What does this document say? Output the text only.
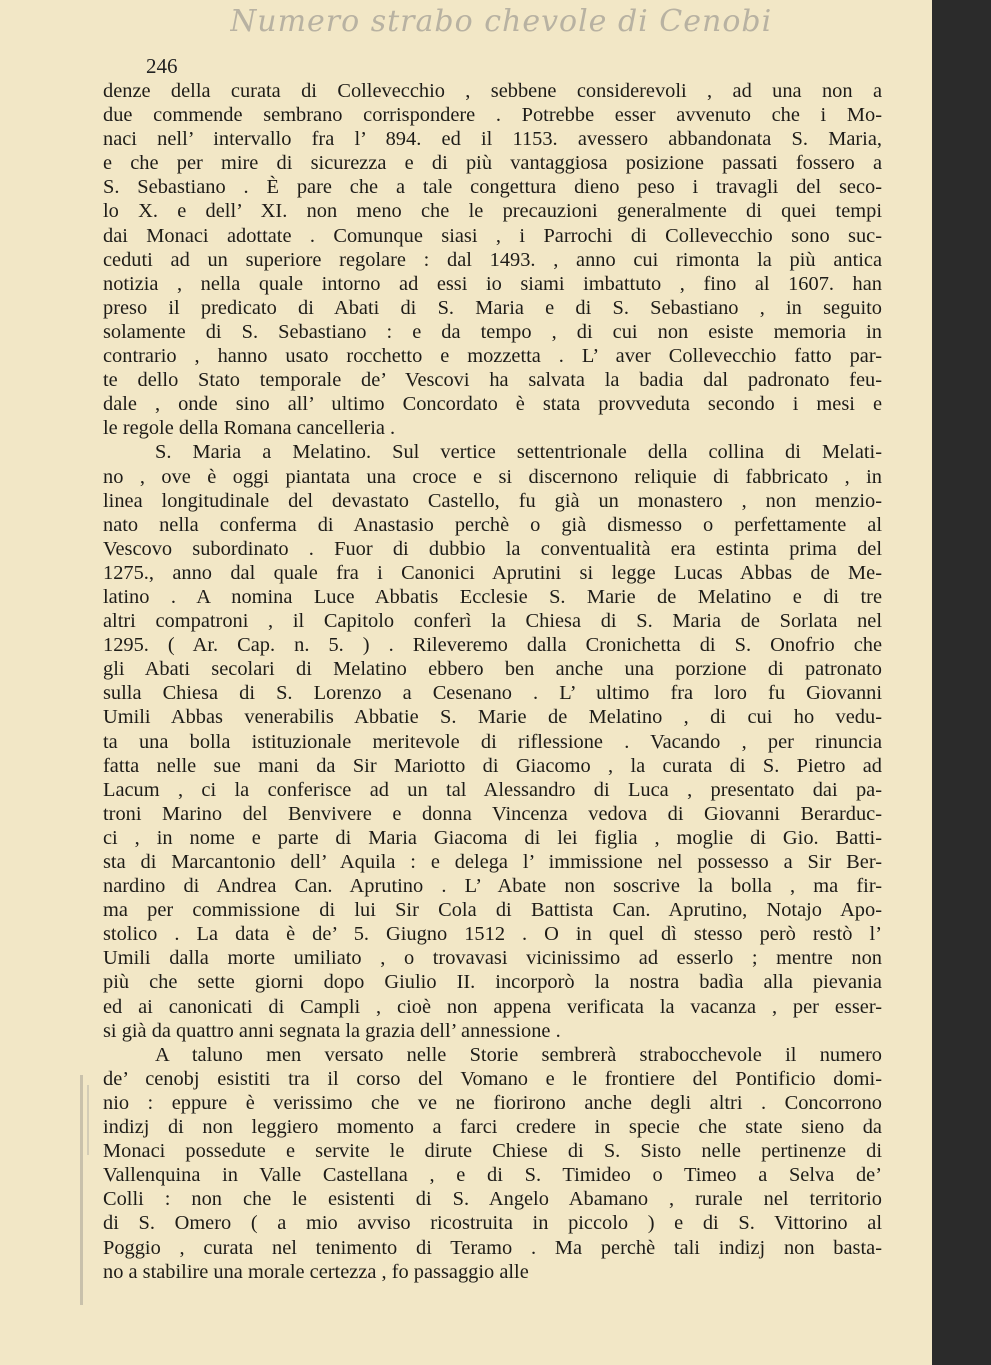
Numero strabo chevole di Cenobi
246
denze della curata di Collevecchio , sebbene considerevoli , ad una non a
due commende sembrano corrispondere . Potrebbe esser avvenuto che i Mo-
naci nell’ intervallo fra l’ 894. ed il 1153. avessero abbandonata S. Maria,
e che per mire di sicurezza e di più vantaggiosa posizione passati fossero a
S. Sebastiano . È pare che a tale congettura dieno peso i travagli del seco-
lo X. e dell’ XI. non meno che le precauzioni generalmente di quei tempi
dai Monaci adottate . Comunque siasi , i Parrochi di Collevecchio sono suc-
ceduti ad un superiore regolare : dal 1493. , anno cui rimonta la più antica
notizia , nella quale intorno ad essi io siami imbattuto , fino al 1607. han
preso il predicato di Abati di S. Maria e di S. Sebastiano , in seguito
solamente di S. Sebastiano : e da tempo , di cui non esiste memoria in
contrario , hanno usato rocchetto e mozzetta . L’ aver Collevecchio fatto par-
te dello Stato temporale de’ Vescovi ha salvata la badia dal padronato feu-
dale , onde sino all’ ultimo Concordato è stata provveduta secondo i mesi e
le regole della Romana cancelleria .
S. Maria a Melatino. Sul vertice settentrionale della collina di Melati-
no , ove è oggi piantata una croce e si discernono reliquie di fabbricato , in
linea longitudinale del devastato Castello, fu già un monastero , non menzio-
nato nella conferma di Anastasio perchè o già dismesso o perfettamente al
Vescovo subordinato . Fuor di dubbio la conventualità era estinta prima del
1275., anno dal quale fra i Canonici Aprutini si legge Lucas Abbas de Me-
latino . A nomina Luce Abbatis Ecclesie S. Marie de Melatino e di tre
altri compatroni , il Capitolo conferì la Chiesa di S. Maria de Sorlata nel
1295. ( Ar. Cap. n. 5. ) . Rileveremo dalla Cronichetta di S. Onofrio che
gli Abati secolari di Melatino ebbero ben anche una porzione di patronato
sulla Chiesa di S. Lorenzo a Cesenano . L’ ultimo fra loro fu Giovanni
Umili Abbas venerabilis Abbatie S. Marie de Melatino , di cui ho vedu-
ta una bolla istituzionale meritevole di riflessione . Vacando , per rinuncia
fatta nelle sue mani da Sir Mariotto di Giacomo , la curata di S. Pietro ad
Lacum , ci la conferisce ad un tal Alessandro di Luca , presentato dai pa-
troni Marino del Benvivere e donna Vincenza vedova di Giovanni Berarduc-
ci , in nome e parte di Maria Giacoma di lei figlia , moglie di Gio. Batti-
sta di Marcantonio dell’ Aquila : e delega l’ immissione nel possesso a Sir Ber-
nardino di Andrea Can. Aprutino . L’ Abate non soscrive la bolla , ma fir-
ma per commissione di lui Sir Cola di Battista Can. Aprutino, Notajo Apo-
stolico . La data è de’ 5. Giugno 1512 . O in quel dì stesso però restò l’
Umili dalla morte umiliato , o trovavasi vicinissimo ad esserlo ; mentre non
più che sette giorni dopo Giulio II. incorporò la nostra badìa alla pievania
ed ai canonicati di Campli , cioè non appena verificata la vacanza , per esser-
si già da quattro anni segnata la grazia dell’ annessione .
A taluno men versato nelle Storie sembrerà strabocchevole il numero
de’ cenobj esistiti tra il corso del Vomano e le frontiere del Pontificio domi-
nio : eppure è verissimo che ve ne fiorirono anche degli altri . Concorrono
indizj di non leggiero momento a farci credere in specie che state sieno da
Monaci possedute e servite le dirute Chiese di S. Sisto nelle pertinenze di
Vallenquina in Valle Castellana , e di S. Timideo o Timeo a Selva de’
Colli : non che le esistenti di S. Angelo Abamano , rurale nel territorio
di S. Omero ( a mio avviso ricostruita in piccolo ) e di S. Vittorino al
Poggio , curata nel tenimento di Teramo . Ma perchè tali indizj non basta-
no a stabilire una morale certezza , fo passaggio alle
